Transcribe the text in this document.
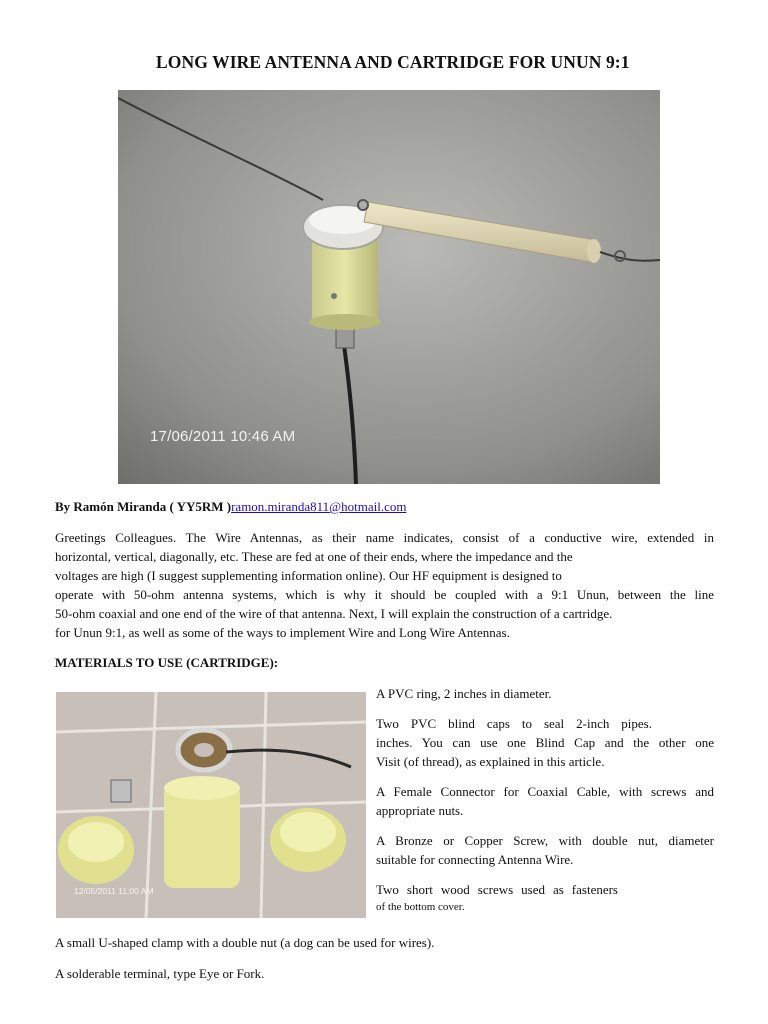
LONG WIRE ANTENNA AND CARTRIDGE FOR UNUN 9:1
17/06/2011 10:46 AM
By Ramón Miranda ( YY5RM )ramon.miranda811@hotmail.com
Greetings Colleagues. The Wire Antennas, as their name indicates, consist of a conductive wire, extended in
horizontal, vertical, diagonally, etc. These are fed at one of their ends, where the impedance and the
voltages are high (I suggest supplementing information online). Our HF equipment is designed to
operate with 50-ohm antenna systems, which is why it should be coupled with a 9:1 Unun, between the line
50-ohm coaxial and one end of the wire of that antenna. Next, I will explain the construction of a cartridge.
for Unun 9:1, as well as some of the ways to implement Wire and Long Wire Antennas.
MATERIALS TO USE (CARTRIDGE):
12/05/2011 11:00 AM

A PVC ring, 2 inches in diameter.

Two PVC blind caps to seal 2-inch pipes.
inches. You can use one Blind Cap and the other one
Visit (of thread), as explained in this article.

A Female Connector for Coaxial Cable, with screws and
appropriate nuts.

A Bronze or Copper Screw, with double nut, diameter
suitable for connecting Antenna Wire.

Two short wood screws used as fasteners
of the bottom cover.

A small U-shaped clamp with a double nut (a dog can be used for wires).
A solderable terminal, type Eye or Fork.
